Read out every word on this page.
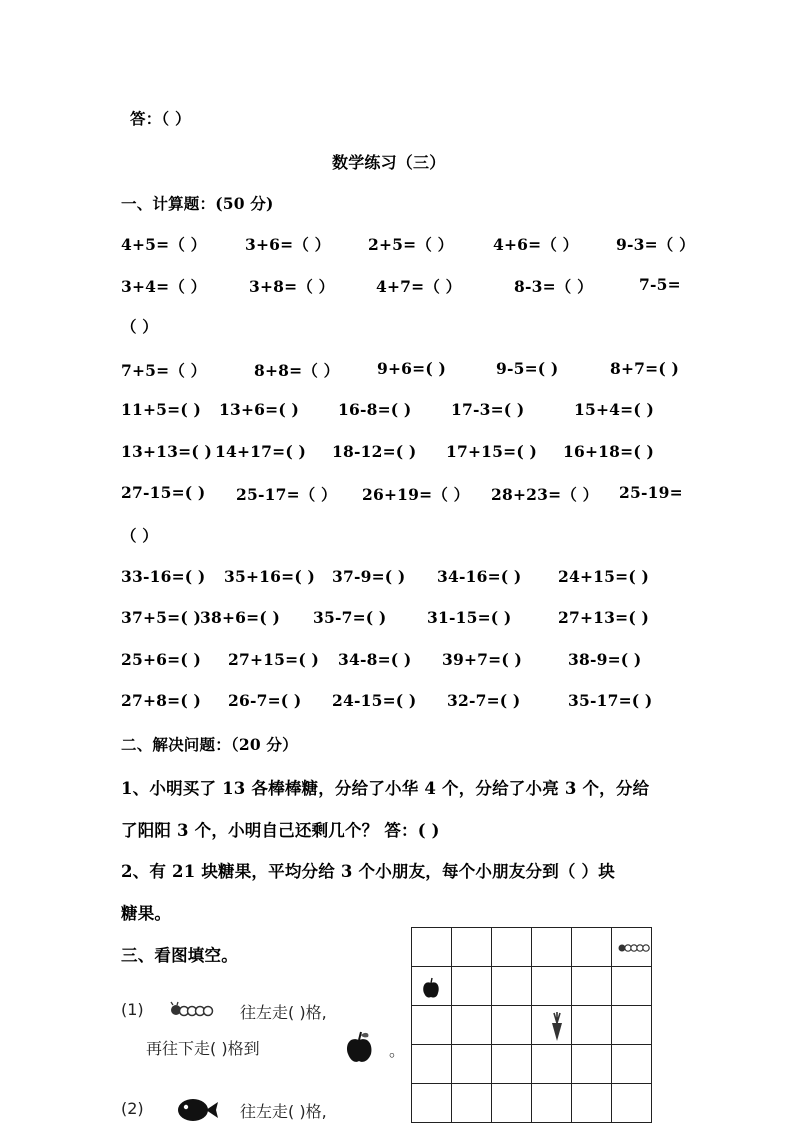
答：（ ）
数学练习（三）
一、计算题：(50 分)
4+5=（ ） 3+6=（ ） 2+5=（ ）	4+6=（ ） 9-3=（ ）
3+4=（ ）	3+8=（ ）	4+7=（ ）	8-3=（ ）	7-5=
（ ）
7+5=（ ）	8+8=（ ） 9+6=( )	9-5=( )	8+7=( )
11+5=( ) 13+6=( )	16-8=( )	17-3=( )	15+4=( )
13+13=( ) 14+17=( ) 18-12=( ) 17+15=( ) 16+18=( )
27-15=( ) 25-17=（ ） 26+19=（ ） 28+23=（ ） 25-19=
（ ）
33-16=( ) 35+16=( ) 37-9=( ) 34-16=( ) 24+15=( )
37+5=( ) 38+6=( ) 35-7=( )	31-15=( )	27+13=( )
25+6=( ) 27+15=( ) 34-8=( ) 39+7=( )	38-9=( )
27+8=( ) 26-7=( ) 24-15=( ) 32-7=( )	35-17=( )
二、解决问题：（20 分）
1、小明买了 13 各棒棒糖，分给了小华 4 个，分给了小亮 3 个，分给
了阳阳 3 个，小明自己还剩几个？ 答：( )
2、有 21 块糖果，平均分给 3 个小朋友，每个小朋友分到（ ）块
糖果。
三、看图填空。
(1)	往左走( )格,
再往下走( )格到	。
(2)	往左走( )格,
